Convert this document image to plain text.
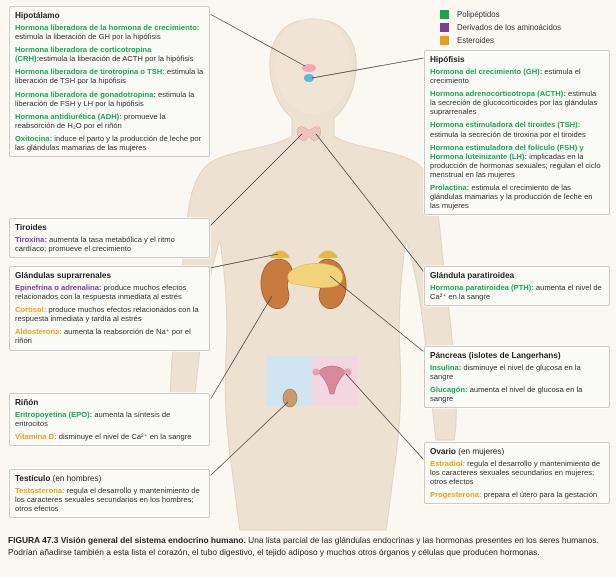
Hipotálamo
Hormona liberadora de la hormona de crecimiento: estimula la liberación de GH por la hipófisis
Hormona liberadora de corticotropina (CRH):estimula la liberación de ACTH por la hipófisis
Hormona liberadora de tirotropina o TSH: estimula la liberación de TSH por la hipófisis
Hormona liberadora de gonadotropina: estimula la liberación de FSH y LH por la hipófisis
Hormona antidiurética (ADH): promueve la reabsorción de H₂O por el riñón
Oxitocina: induce el parto y la producción de leche por las glándulas mamarias de las mujeres
Tiroides
Tiroxina: aumenta la tasa metabólica y el ritmo cardíaco; promueve el crecimiento
Glándulas suprarrenales
Epinefrina o adrenalina: produce muchos efectos relacionados con la respuesta inmediata al estrés
Cortisol: produce muchos efectos relacionados con la respuesta inmediata y tardía al estrés
Aldosterona: aumenta la reabsorción de Na⁺ por el riñón
Riñón
Eritropoyetina (EPO): aumenta la síntesis de eritrocitos
Vitamina D: disminuye el nivel de Ca²⁺ en la sangre
Testículo (en hombres)
Testosterona: regula el desarrollo y mantenimiento de los caracteres sexuales secundarios en los hombres; otros efectos
Polipéptidos
Derivados de los aminoácidos
Esteroides
Hipófisis
Hormona del crecimiento (GH): estimula el crecimiento
Hormona adrenocorticotropa (ACTH): estimula la secreción de glucocorticoides por las glándulas suprarrenales
Hormona estimuladora del tiroides (TSH): estimula la secreción de tiroxina por el tiroides
Hormona estimuladora del folículo (FSH) y Hormona luteinizante (LH): implicadas en la producción de hormonas sexuales; regulan el ciclo menstrual en las mujeres
Prolactina: estimula el crecimiento de las glándulas mamarias y la producción de leche en las mujeres
Glándula paratiroidea
Hormona paratiroidea (PTH): aumenta el nivel de Ca²⁺ en la sangre
Páncreas (islotes de Langerhans)
Insulina: disminuye el nivel de glucosa en la sangre
Glucagón: aumenta el nivel de glucosa en la sangre
Ovario (en mujeres)
Estradiol: regula el desarrollo y mantenimiento de los caracteres sexuales secundarios en mujeres; otros efectos
Progesterona: prepara el útero para la gestación
FIGURA 47.3 Visión general del sistema endocrino humano. Una lista parcial de las glándulas endocrinas y las hormonas presentes en los seres humanos. Podrían añadirse también a esta lista el corazón, el tubo digestivo, el tejido adiposo y muchos otros órganos y células que producen hormonas.
